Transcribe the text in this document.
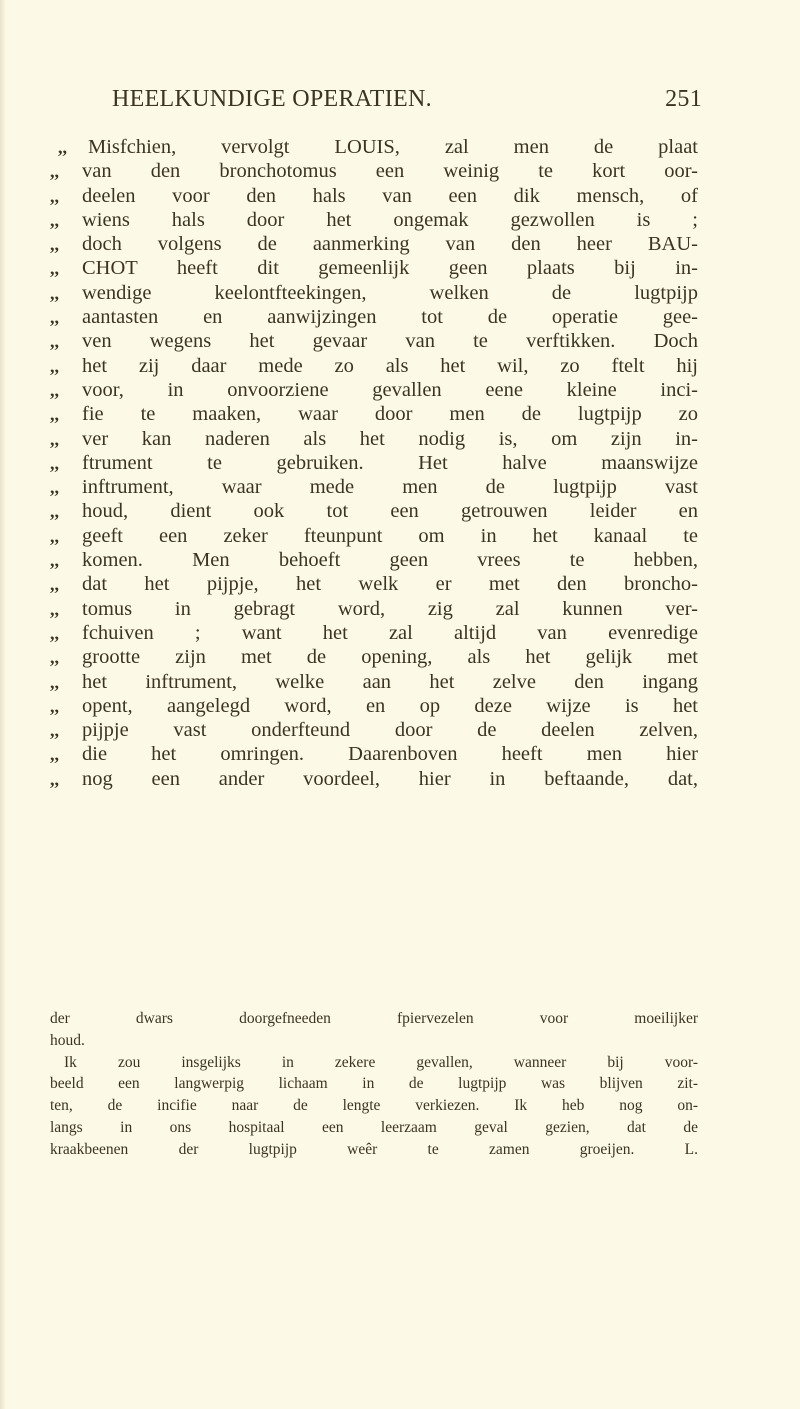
HEELKUNDIGE OPERATIEN.	251
,,	Misfchien, vervolgt LOUIS, zal men de plaat
,,	van den bronchotomus een weinig te kort oor-
,,	deelen voor den hals van een dik mensch, of
,,	wiens hals door het ongemak gezwollen is ;
,,	doch volgens de aanmerking van den heer BAU-
,,	CHOT heeft dit gemeenlijk geen plaats bij in-
,,	wendige keelontfteekingen, welken de lugtpijp
,,	aantasten en aanwijzingen tot de operatie gee-
,,	ven wegens het gevaar van te verftikken. Doch
,,	het zij daar mede zo als het wil, zo ftelt hij
,,	voor, in onvoorziene gevallen eene kleine inci-
,,	fie te maaken, waar door men de lugtpijp zo
,,	ver kan naderen als het nodig is, om zijn in-
,,	ftrument te gebruiken. Het halve maanswijze
,,	inftrument, waar mede men de lugtpijp vast
,,	houd, dient ook tot een getrouwen leider en
,,	geeft een zeker fteunpunt om in het kanaal te
,,	komen. Men behoeft geen vrees te hebben,
,,	dat het pijpje, het welk er met den broncho-
,,	tomus in gebragt word, zig zal kunnen ver-
,,	fchuiven ; want het zal altijd van evenredige
,,	grootte zijn met de opening, als het gelijk met
,,	het inftrument, welke aan het zelve den ingang
,,	opent, aangelegd word, en op deze wijze is het
,,	pijpje vast onderfteund door de deelen zelven,
,,	die het omringen. Daarenboven heeft men hier
,,	nog een ander voordeel, hier in beftaande, dat,
der dwars doorgefneeden fpiervezelen voor moeilijker
houd.
Ik zou insgelijks in zekere gevallen, wanneer bij voor-
beeld een langwerpig lichaam in de lugtpijp was blijven zit-
ten, de incifie naar de lengte verkiezen. Ik heb nog on-
langs in ons hospitaal een leerzaam geval gezien, dat de
kraakbeenen der lugtpijp weêr te zamen groeijen. L.
